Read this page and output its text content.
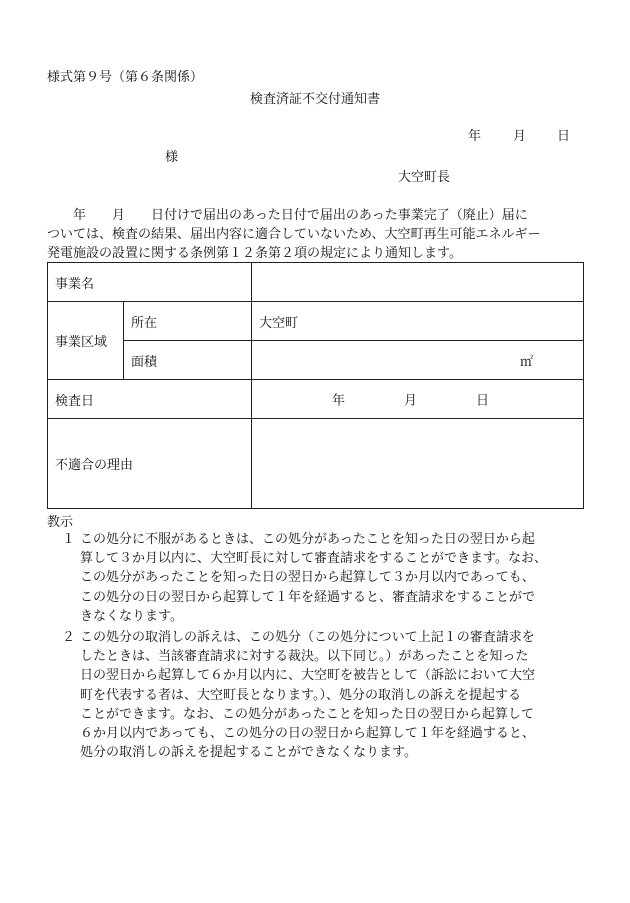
様式第９号（第６条関係）
検査済証不交付通知書
年 月 日
様
大空町長

　　年　　月　　日付けで届出のあった日付で届出のあった事業完了（廃止）届に

ついては、検査の結果、届出内容に適合していないため、大空町再生可能エネルギー

発電施設の設置に関する条例第１２条第２項の規定により通知します。

事業名		
事業区域	所在	大空町
	面積	㎡
検査日		年 月 日

不適合の理由		
教示
１ この処分に不服があるときは、この処分があったことを知った日の翌日から起
算して３か月以内に、大空町長に対して審査請求をすることができます。なお、
この処分があったことを知った日の翌日から起算して３か月以内であっても、
この処分の日の翌日から起算して１年を経過すると、審査請求をすることがで
きなくなります。
２ この処分の取消しの訴えは、この処分（この処分について上記１の審査請求を
したときは、当該審査請求に対する裁決。以下同じ。）があったことを知った
日の翌日から起算して６か月以内に、大空町を被告として（訴訟において大空
町を代表する者は、大空町長となります。）、処分の取消しの訴えを提起する
ことができます。なお、この処分があったことを知った日の翌日から起算して
６か月以内であっても、この処分の日の翌日から起算して１年を経過すると、
処分の取消しの訴えを提起することができなくなります。
